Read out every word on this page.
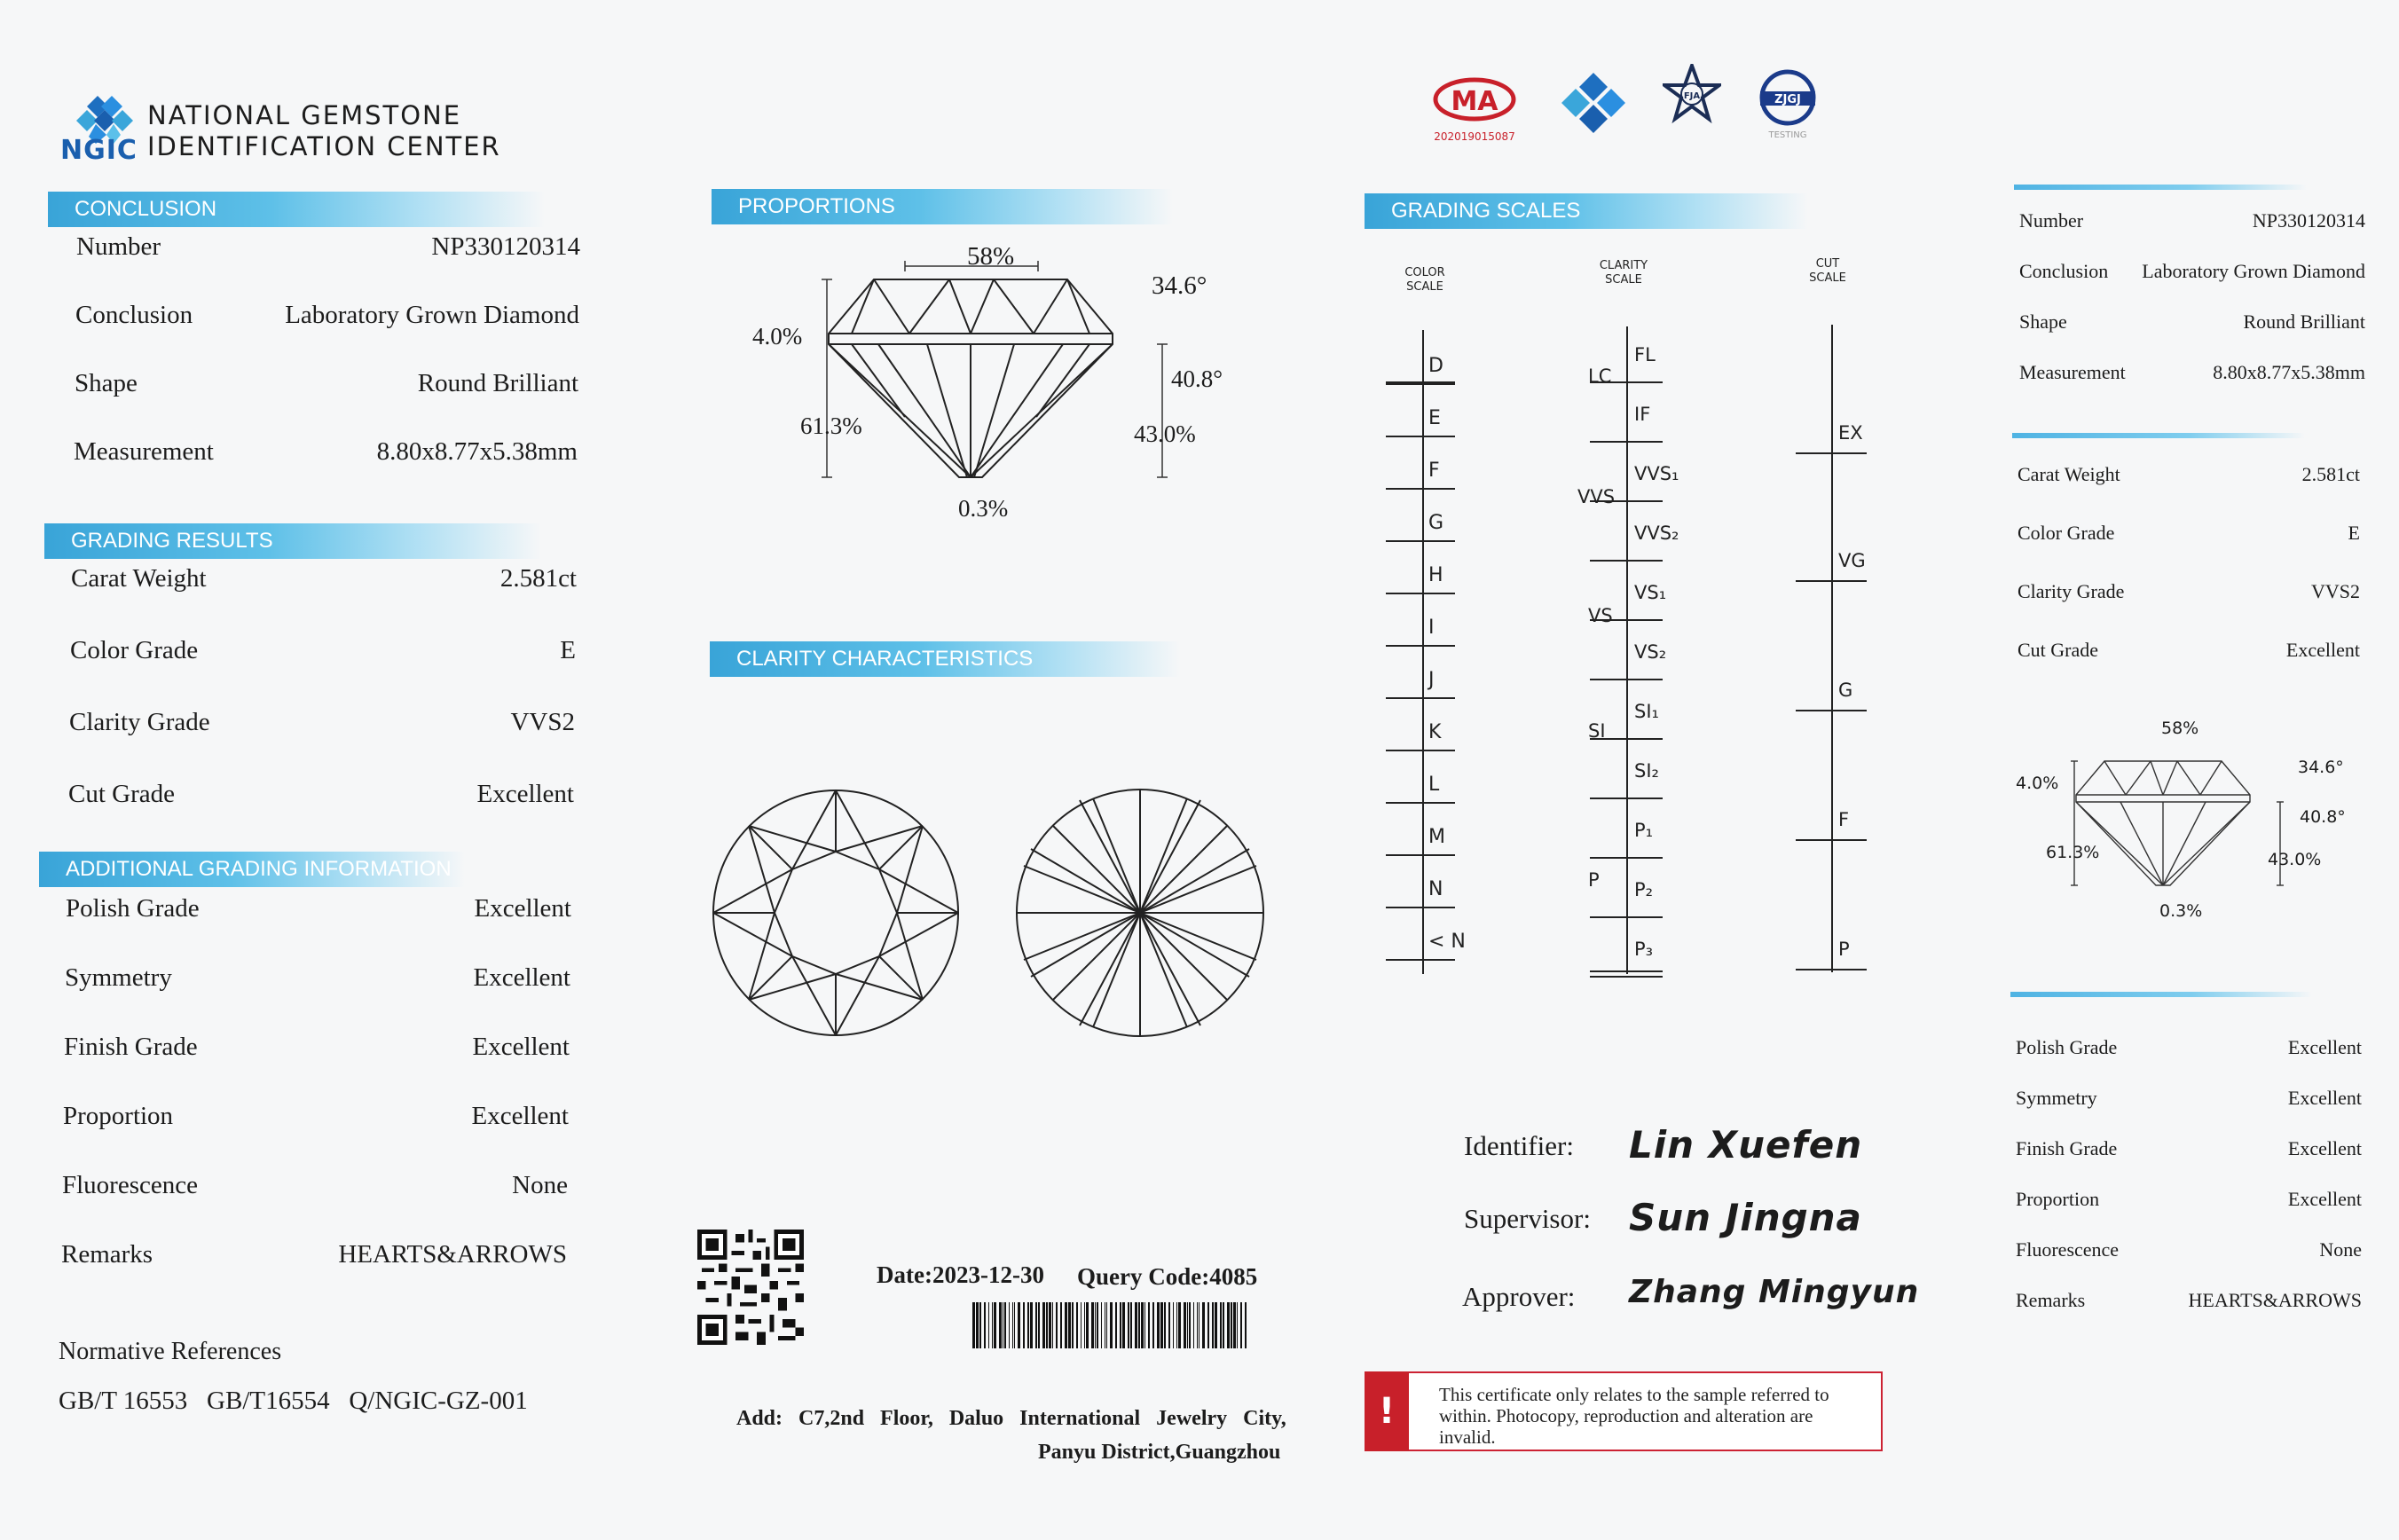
NGIC
NATIONAL GEMSTONE
IDENTIFICATION CENTER
CONCLUSION
Number	NP330120314
Conclusion	Laboratory Grown Diamond
Shape	Round Brilliant
Measurement	8.80x8.77x5.38mm
GRADING RESULTS
Carat Weight	2.581ct
Color Grade	E
Clarity Grade	VVS2
Cut Grade	Excellent
ADDITIONAL GRADING INFORMATION
Polish Grade	Excellent
Symmetry	Excellent
Finish Grade	Excellent
Proportion	Excellent
Fluorescence	None
Remarks	HEARTS&ARROWS
Normative References
GB/T 16553   GB/T16554   Q/NGIC-GZ-001
PROPORTIONS
58%
34.6°
4.0%
40.8°
61.3%	43.0%
0.3%
CLARITY CHARACTERISTICS
Date:2023-12-30 Query Code:4085
Add:   C7,2nd   Floor,   Daluo   International   Jewelry   City,
Panyu District,Guangzhou
MA
202019015087
FJA	ZJGJ
TESTING
GRADING SCALES
COLOR
SCALE
CLARITY
SCALE
CUT
SCALE
D
E
F
G
H
I
J
K
L
M
N
< N
FL
IF
VVS₁
VVS₂
VS₁
VS₂
SI₁
SI₂
P₁
P₂
P₃
LC
VVS
VS
SI
P
EX
VG
G
F
P
Identifier: Lin Xuefen
Supervisor: Sun Jingna
Approver: Zhang Mingyun
!	This certificate only relates to the sample referred to within. Photocopy, reproduction and alteration are invalid.
Number	NP330120314
Conclusion Laboratory Grown Diamond
Shape	Round Brilliant
Measurement	8.80x8.77x5.38mm
Carat Weight	2.581ct
Color Grade	E
Clarity Grade	VVS2
Cut Grade	Excellent
58%
34.6°
4.0%
40.8°
61.3%	43.0%
0.3%
Polish Grade	Excellent
Symmetry	Excellent
Finish Grade	Excellent
Proportion	Excellent
Fluorescence	None
Remarks	HEARTS&ARROWS
